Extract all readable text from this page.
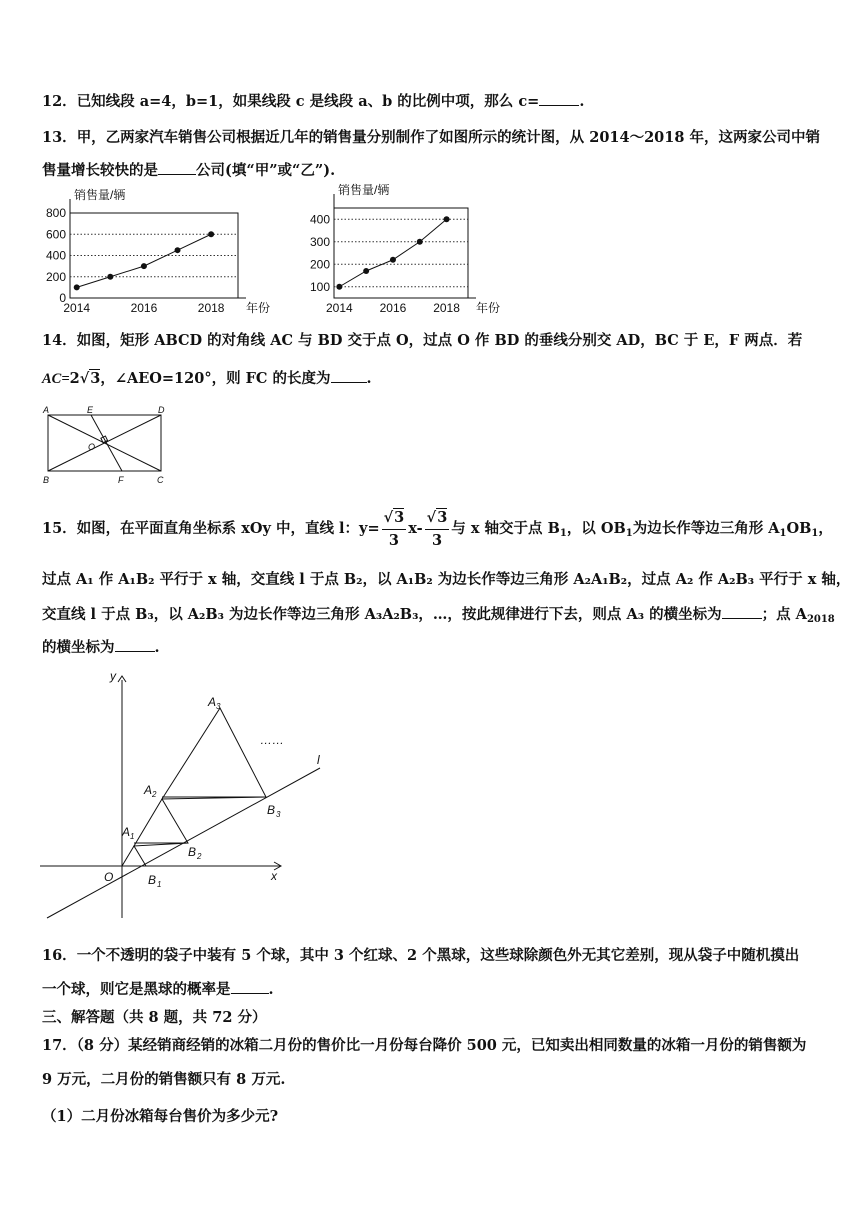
12．已知线段 a=4，b=1，如果线段 c 是线段 a、b 的比例中项，那么 c=	.
13．甲，乙两家汽车销售公司根据近几年的销售量分别制作了如图所示的统计图，从 2014～2018 年，这两家公司中销
售量增长较快的是	公司(填“甲”或“乙”).
0
200
400
600
800
2014	2016	2018
销售量/辆
年份
100
200
300
400
2014 2016 2018
销售量/辆
年份
14．如图，矩形 ABCD 的对角线 AC 与 BD 交于点 O，过点 O 作 BD 的垂线分别交 AD，BC 于 E，F 两点．若
AC=2√3，∠AEO=120°，则 FC 的长度为 .
A	E	D
O
B	F	C
15．如图，在平面直角坐标系 xOy 中，直线 l：$y= \frac{√3}{3} x- \frac{√3}{3}$ 与 x 轴交于点 $B_1$，以 $OB_1$为边长作等边三角形 $A_1OB_1$，
过点 A₁ 作 A₁B₂ 平行于 x 轴，交直线 l 于点 B₂，以 A₁B₂ 为边长作等边三角形 A₂A₁B₂，过点 A₂ 作 A₂B₃ 平行于 x 轴，
交直线 l 于点 B₃，以 A₂B₃ 为边长作等边三角形 A₃A₂B₃，…，按此规律进行下去，则点 A₃ 的横坐标为	；点 $A_{2018}$
的横坐标为	.
y
x
O
l
……
A 1
A 2
A 3
B 1
B 2
B 3
16．一个不透明的袋子中装有 5 个球，其中 3 个红球、2 个黑球，这些球除颜色外无其它差别，现从袋子中随机摸出
一个球，则它是黑球的概率是	.
三、解答题（共 8 题，共 72 分）
17．（8 分）某经销商经销的冰箱二月份的售价比一月份每台降价 500 元，已知卖出相同数量的冰箱一月份的销售额为
9 万元，二月份的销售额只有 8 万元.
（1）二月份冰箱每台售价为多少元?
